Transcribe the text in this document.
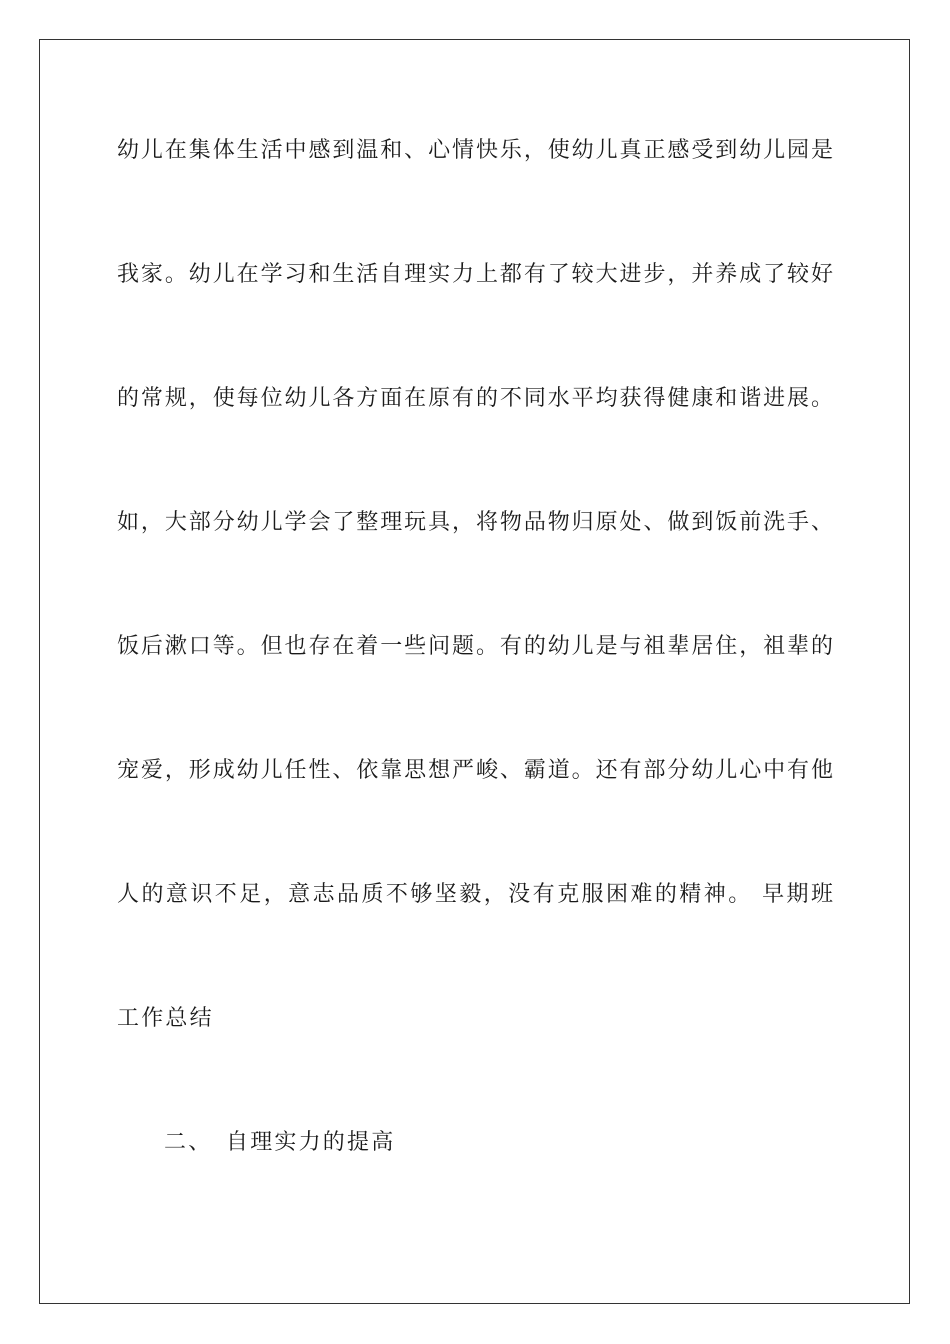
幼儿在集体生活中感到温和、心情快乐，使幼儿真正感受到幼儿园是
我家。幼儿在学习和生活自理实力上都有了较大进步，并养成了较好
的常规，使每位幼儿各方面在原有的不同水平均获得健康和谐进展。
如，大部分幼儿学会了整理玩具，将物品物归原处、做到饭前洗手、
饭后漱口等。但也存在着一些问题。有的幼儿是与祖辈居住，祖辈的
宠爱，形成幼儿任性、依靠思想严峻、霸道。还有部分幼儿心中有他
人的意识不足，意志品质不够坚毅，没有克服困难的精神。 早期班
工作总结
二、 自理实力的提高
